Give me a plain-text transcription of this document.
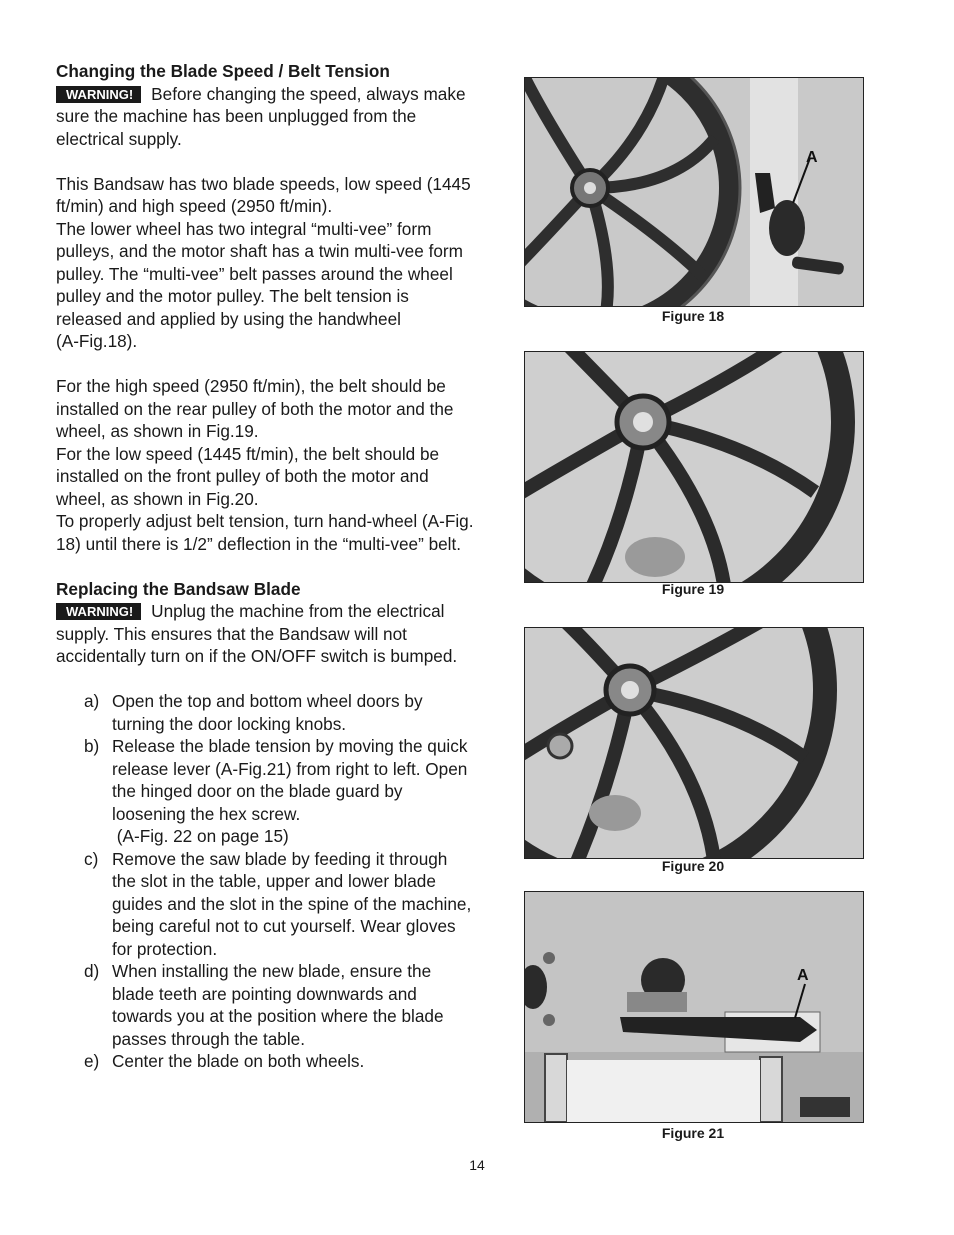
Changing the Blade Speed / Belt Tension

WARNING! Before changing the speed, always make sure the machine has been unplugged from the electrical supply.

This Bandsaw has two blade speeds, low speed (1445 ft/min) and high speed (2950 ft/min).

The lower wheel has two integral “multi-vee” form pulleys, and the motor shaft has a twin multi-vee form pulley. The “multi-vee” belt passes around the wheel pulley and the motor pulley. The belt tension is released and applied by using the handwheel

(A-Fig.18).

For the high speed (2950 ft/min), the belt should be installed on the rear pulley of both the motor and the wheel, as shown in Fig.19.

For the low speed (1445 ft/min), the belt should be installed on the front pulley of both the motor and wheel, as shown in Fig.20.

To properly adjust belt tension, turn hand-wheel (A-Fig. 18) until there is 1/2” deflection in the “multi-vee” belt.

Replacing the Bandsaw Blade

WARNING! Unplug the machine from the electrical supply. This ensures that the Bandsaw will not accidentally turn on if the ON/OFF switch is bumped.

a) Open the top and bottom wheel doors by turning the door locking knobs.
b) Release the blade tension by moving the quick release lever (A-Fig.21) from right to left. Open the hinged door on the blade guard by loosening the hex screw.
(A-Fig. 22 on page 15)
c) Remove the saw blade by feeding it through the slot in the table, upper and lower blade guides and the slot in the spine of the machine, being careful not to cut yourself. Wear gloves for protection.
d) When installing the new blade, ensure the blade teeth are pointing downwards and towards you at the position where the blade passes through the table.
e) Center the blade on both wheels.
A
Figure 18
Figure 19
Figure 20
A
Figure 21
14
